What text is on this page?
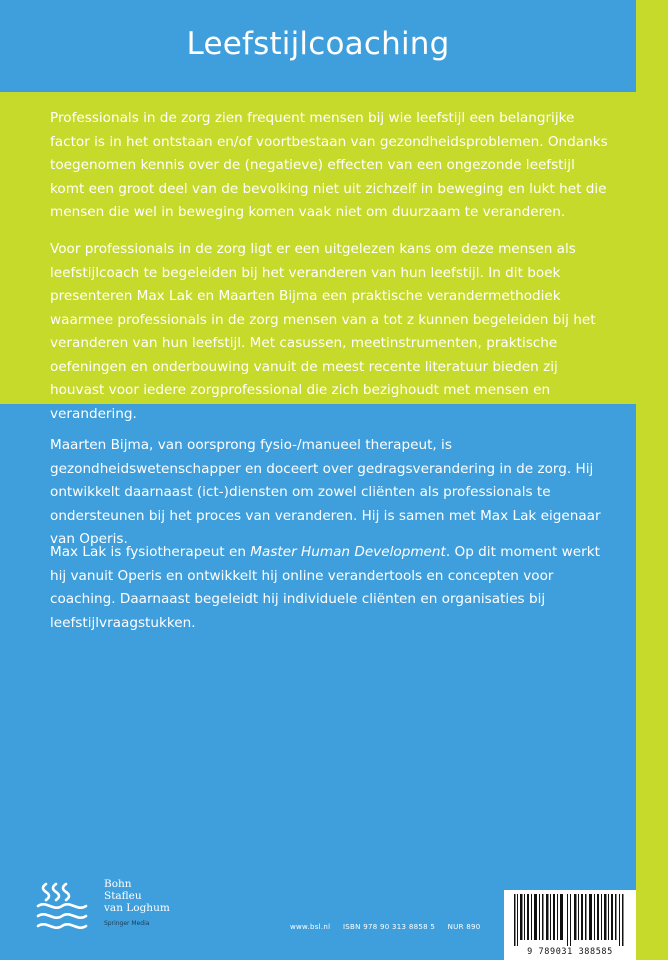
Leefstijlcoaching

Professionals in de zorg zien frequent mensen bij wie leefstijl een belangrijke factor is in het ontstaan en/of voortbestaan van gezondheidsproblemen. Ondanks toegenomen kennis over de (negatieve) effecten van een ongezonde leefstijl komt een groot deel van de bevolking niet uit zichzelf in beweging en lukt het die mensen die wel in beweging komen vaak niet om duurzaam te veranderen.

Voor professionals in de zorg ligt er een uitgelezen kans om deze mensen als leefstijlcoach te begeleiden bij het veranderen van hun leefstijl. In dit boek presenteren Max Lak en Maarten Bijma een praktische verandermethodiek waarmee professionals in de zorg mensen van a tot z kunnen begeleiden bij het veranderen van hun leefstijl. Met casussen, meetinstrumenten, praktische oefeningen en onderbouwing vanuit de meest recente literatuur bieden zij houvast voor iedere zorgprofessional die zich bezighoudt met mensen en verandering.

Maarten Bijma, van oorsprong fysio-/manueel therapeut, is gezondheidswetenschapper en doceert over gedragsverandering in de zorg. Hij ontwikkelt daarnaast (ict-)diensten om zowel cliënten als professionals te ondersteunen bij het proces van veranderen. Hij is samen met Max Lak eigenaar van Operis.

Max Lak is fysiotherapeut en Master Human Development. Op dit moment werkt hij vanuit Operis en ontwikkelt hij online verandertools en concepten voor coaching. Daarnaast begeleidt hij individuele cliënten en organisaties bij leefstijlvraagstukken.

Bohn
Stafleu
van Loghum
Springer Media	www.bsl.nl ISBN 978 90 313 8858 5 NUR 890
9 789031 388585
